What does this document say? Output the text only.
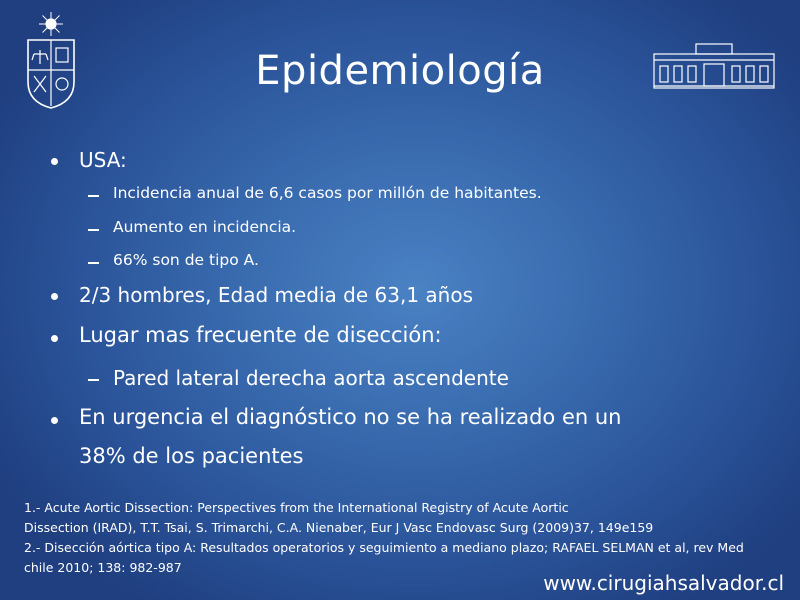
Epidemiología
USA:
Incidencia anual de 6,6 casos por millón de habitantes.
Aumento en incidencia.
66% son de tipo A.
2/3 hombres, Edad media de 63,1 años
Lugar mas frecuente de disección:
Pared lateral derecha aorta ascendente
En urgencia el diagnóstico no se ha realizado en un
38% de los pacientes
1.- Acute Aortic Dissection: Perspectives from the International Registry of Acute Aortic
Dissection (IRAD), T.T. Tsai, S. Trimarchi, C.A. Nienaber, Eur J Vasc Endovasc Surg (2009)37, 149e159
2.- Disección aórtica tipo A: Resultados operatorios y seguimiento a mediano plazo; RAFAEL SELMAN et al, rev Med
chile 2010; 138: 982-987
www.cirugiahsalvador.cl
